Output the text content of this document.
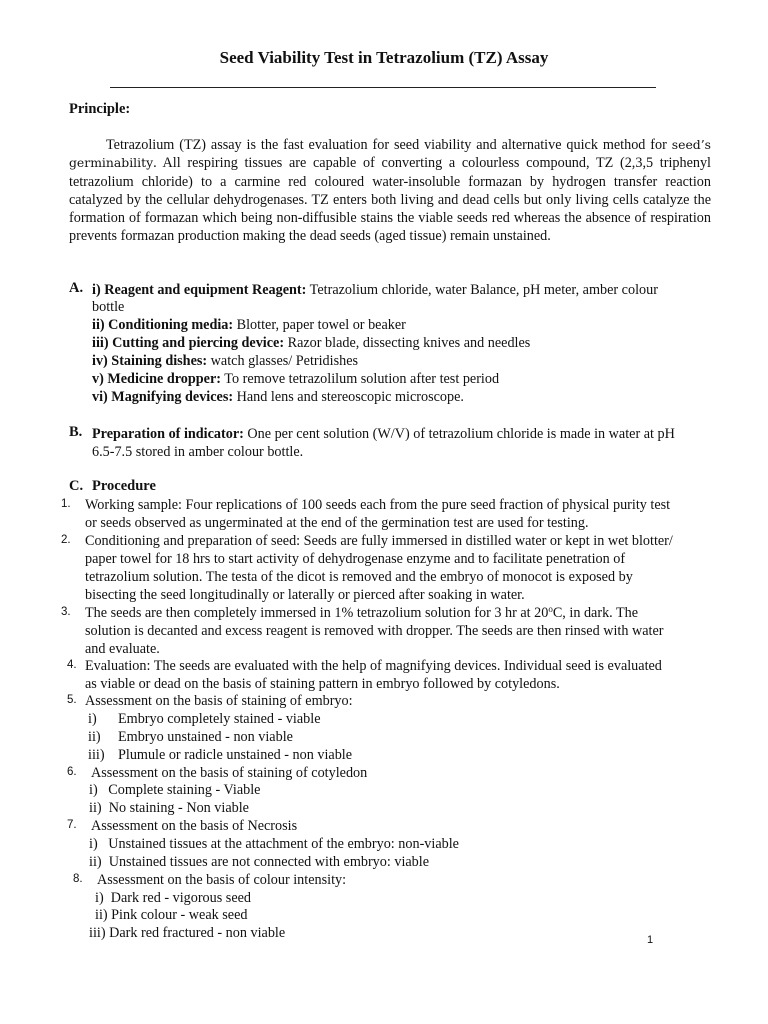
Seed Viability Test in Tetrazolium (TZ) Assay
Principle:
Tetrazolium (TZ) assay is the fast evaluation for seed viability and alternative quick method for seed’s germinability. All respiring tissues are capable of converting a colourless compound, TZ (2,3,5 triphenyl tetrazolium chloride) to a carmine red coloured water-insoluble formazan by hydrogen transfer reaction catalyzed by the cellular dehydrogenases. TZ enters both living and dead cells but only living cells catalyze the formation of formazan which being non-diffusible stains the viable seeds red whereas the absence of respiration prevents formazan production making the dead seeds (aged tissue) remain unstained.
A. i) Reagent and equipment Reagent: Tetrazolium chloride, water Balance, pH meter, amber colour
bottle
ii) Conditioning media: Blotter, paper towel or beaker
iii) Cutting and piercing device: Razor blade, dissecting knives and needles
iv) Staining dishes: watch glasses/ Petridishes
v) Medicine dropper: To remove tetrazolilum solution after test period
vi) Magnifying devices: Hand lens and stereoscopic microscope.
B. Preparation of indicator: One per cent solution (W/V) of tetrazolium chloride is made in water at pH
6.5-7.5 stored in amber colour bottle.
C. Procedure
1. Working sample: Four replications of 100 seeds each from the pure seed fraction of physical purity test
or seeds observed as ungerminated at the end of the germination test are used for testing.
2. Conditioning and preparation of seed: Seeds are fully immersed in distilled water or kept in wet blotter/
paper towel for 18 hrs to start activity of dehydrogenase enzyme and to facilitate penetration of
tetrazolium solution. The testa of the dicot is removed and the embryo of monocot is exposed by
bisecting the seed longitudinally or laterally or pierced after soaking in water.
3. The seeds are then completely immersed in 1% tetrazolium solution for 3 hr at 20$^o$C, in dark. The
solution is decanted and excess reagent is removed with dropper. The seeds are then rinsed with water
and evaluate.
4. Evaluation: The seeds are evaluated with the help of magnifying devices. Individual seed is evaluated
as viable or dead on the basis of staining pattern in embryo followed by cotyledons.
5. Assessment on the basis of staining of embryo:
i) Embryo completely stained - viable
ii) Embryo unstained - non viable
iii) Plumule or radicle unstained - non viable
6. Assessment on the basis of staining of cotyledon
i)   Complete staining - Viable
ii)  No staining - Non viable
7. Assessment on the basis of Necrosis
i)   Unstained tissues at the attachment of the embryo: non-viable
ii)  Unstained tissues are not connected with embryo: viable
8. Assessment on the basis of colour intensity:
i)  Dark red - vigorous seed
ii) Pink colour - weak seed
iii) Dark red fractured - non viable	1
